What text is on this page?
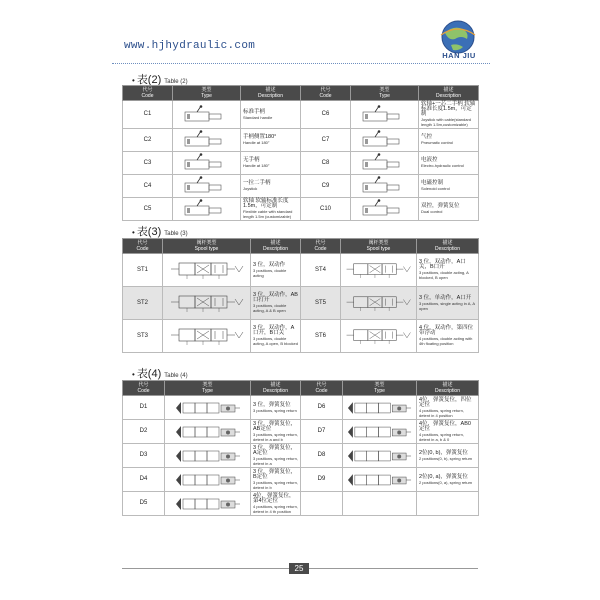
www.hjhydraulic.com
HAN JIU
• 表(2) Table (2)
代号
Code	类型
Type	描述
Description	代号
Code	类型
Type	描述
Description
C1		标准手柄
Standard handle	C6		软轴+一芯二手柄 软轴标准长度1.5m，可定制
Joystick with cable(standard length 1.5m,customizable)

C2		手柄侧置180°
Handle at 180°	C7		气控
Pneumatic control

C3		无手柄
Handle at 180°	C8		电液控
Electro-hydraulic control

C4		一拉二手柄
Joystick	C9		电磁控制
Solenoid control

C5		软轴 软轴标准长度1.5m，可定制
Flexible cable with standard length 1.5m (customizable)	C10		双控，弹簧复位
Dual control
• 表(3) Table (3)
代号
Code	阀杆类型
Spool type	描述
Description	代号
Code	阀杆类型
Spool type	描述
Description
ST1		3 位，双动作
3 positions, double acting	ST4		3 位，双动作，A口关，B口开
3 positions, double acting, A blocked, B open

ST2		3 位，双动作，AB口打开
3 positions, double acting, A & B open	ST5		3 位，单动作，A口开
3 positions, single acting in A, A open

ST3		3 位，双动作，A口开，B口关
3 positions, double acting, A open, B blocked	ST6		4 位，双动作，第四位带浮动
4 positions, double acting with 4th floating position
• 表(4) Table (4)
代号
Code	类型
Type	描述
Description	代号
Code	类型
Type	描述
Description
D1		3 位，弹簧复位
3 positions, spring return	D6		4位，弹簧复位，四位定位
4 positions, spring return, detent in 4 position

D2		3 位，弹簧复位，AB定位
3 positions, spring return, detent in a and b	D7		4位，弹簧复位，AB0定位
4 positions, spring return, detent in a, b & 0

D3		3 位，弹簧复位，A定位
3 positions, spring return, detent in a	D8		2位(0, b)，弹簧复位
2 positions(0, b), spring return

D4		3 位，弹簧复位，B定位
3 positions, spring return, detent in b	D9		2位(0, a)，弹簧复位
2 positions(0, a), spring return

D5		4位，弹簧复位，第4位定位
4 positions, spring return, detent in 4 th position			

25
